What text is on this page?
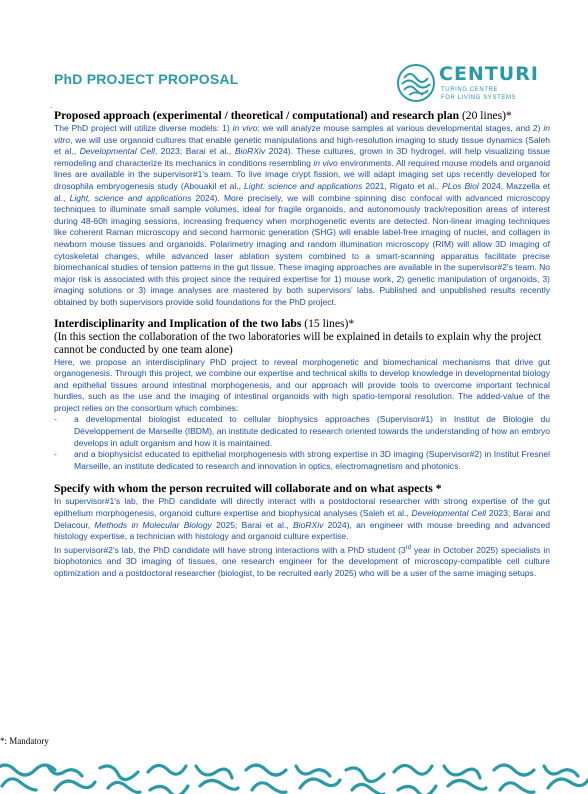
PhD PROJECT PROPOSAL	CENTURI
TURING CENTRE
FOR LIVING SYSTEMS
.

Proposed approach (experimental / theoretical / computational) and research plan (20 lines)*

The PhD project will utilize diverse models: 1) in vivo: we will analyze mouse samples at various developmental stages, and 2) in vitro, we will use organoid cultures that enable genetic manipulations and high-resolution imaging to study tissue dynamics (Saleh et al., Developmental Cell, 2023; Barai et al., BioRXiv 2024). These cultures, grown in 3D hydrogel, will help visualizing tissue remodeling and characterize its mechanics in conditions resembling in vivo environments. All required mouse models and organoid lines are available in the supervisor#1's team. To live image crypt fission, we will adapt imaging set ups recently developed for drosophila embryogenesis study (Abouakil et al., Light: science and applications 2021, Rigato et al., PLos Biol 2024, Mazzella et al., Light, science and applications 2024). More precisely, we will combine spinning disc confocal with advanced microscopy techniques to illuminate small sample volumes, ideal for fragile organoids, and autonomously track/reposition areas of interest during 48-60h imaging sessions, increasing frequency when morphogenetic events are detected. Non-linear imaging techniques like coherent Raman microscopy and second harmonic generation (SHG) will enable label-free imaging of nuclei, and collagen in newborn mouse tissues and organoids. Polarimetry imaging and random illumination microscopy (RIM) will allow 3D imaging of cytoskeletal changes, while advanced laser ablation system combined to a smart-scanning apparatus facilitate precise biomechanical studies of tension patterns in the gut tissue. These imaging approaches are available in the supervisor#2's team. No major risk is associated with this project since the required expertise for 1) mouse work, 2) genetic manipulation of organoids, 3) imaging solutions or 3) image analyses are mastered by both supervisors' labs. Published and unpublished results recently obtained by both supervisors provide solid foundations for the PhD project.

Interdisciplinarity and Implication of the two labs (15 lines)*

(In this section the collaboration of the two laboratories will be explained in details to explain why the project cannot be conducted by one team alone)

Here, we propose an interdisciplinary PhD project to reveal morphogenetic and biomechanical mechanisms that drive gut organogenesis. Through this project, we combine our expertise and technical skills to develop knowledge in developmental biology and epithelial tissues around intestinal morphogenesis, and our approach will provide tools to overcome important technical hurdles, such as the use and the imaging of intestinal organoids with high spatio-temporal resolution. The added-value of the project relies on the consortium which combines:

- a developmental biologist educated to cellular biophysics approaches (Supervisor#1) in Institut de Biologie du Développement de Marseille (IBDM), an institute dedicated to research oriented towards the understanding of how an embryo develops in adult organism and how it is maintained.
- and a biophysicist educated to epithelial morphogenesis with strong expertise in 3D imaging (Supervisor#2) in Institut Fresnel Marseille, an institute dedicated to research and innovation in optics, electromagnetism and photonics.

Specify with whom the person recruited will collaborate and on what aspects *

In supervisor#1's lab, the PhD candidate will directly interact with a postdoctoral researcher with strong expertise of the gut epithelium morphogenesis, organoid culture expertise and biophysical analyses (Saleh et al., Developmental Cell 2023; Barai and Delacour, Methods in Molecular Biology 2025; Barai et al., BioRXiv 2024), an engineer with mouse breeding and advanced histology expertise, a technician with histology and organoid culture expertise.

In supervisor#2's lab, the PhD candidate will have strong interactions with a PhD student (3rd year in October 2025) specialists in biophotonics and 3D imaging of tissues, one research engineer for the development of microscopy-compatible cell culture optimization and a postdoctoral researcher (biologist, to be recruited early 2025) who will be a user of the same imaging setups.

*: Mandatory
